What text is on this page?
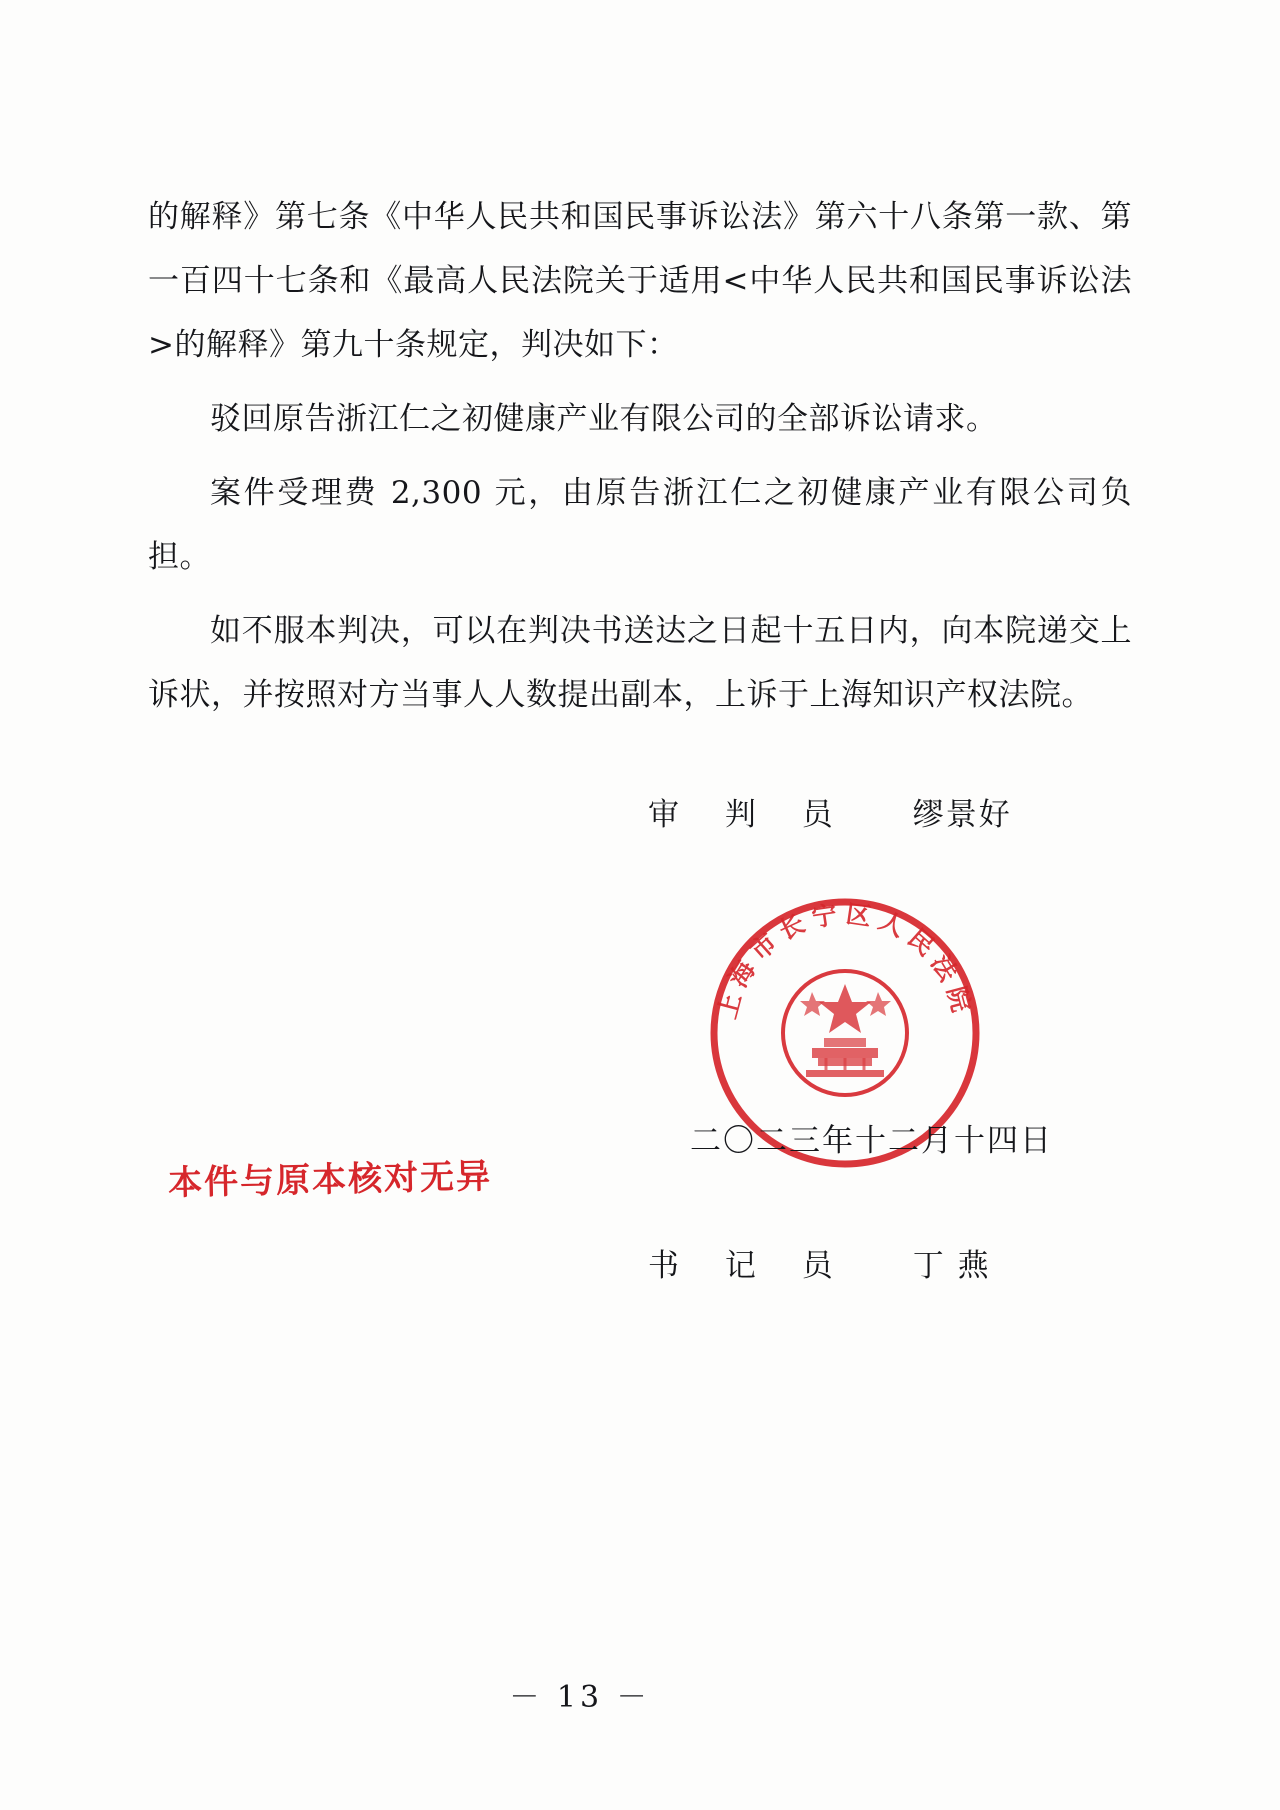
的解释》第七条《中华人民共和国民事诉讼法》第六十八条第一款、第一百四十七条和《最高人民法院关于适用<中华人民共和国民事诉讼法>的解释》第九十条规定，判决如下：

驳回原告浙江仁之初健康产业有限公司的全部诉讼请求。

案件受理费 2,300 元，由原告浙江仁之初健康产业有限公司负担。

如不服本判决，可以在判决书送达之日起十五日内，向本院递交上诉状，并按照对方当事人人数提出副本，上诉于上海知识产权法院。

审 判 员 缪景好
上海市长宁区人民法院
二〇二三年十二月十四日
本件与原本核对无异
书 记 员 丁 燕
－ 13 －
